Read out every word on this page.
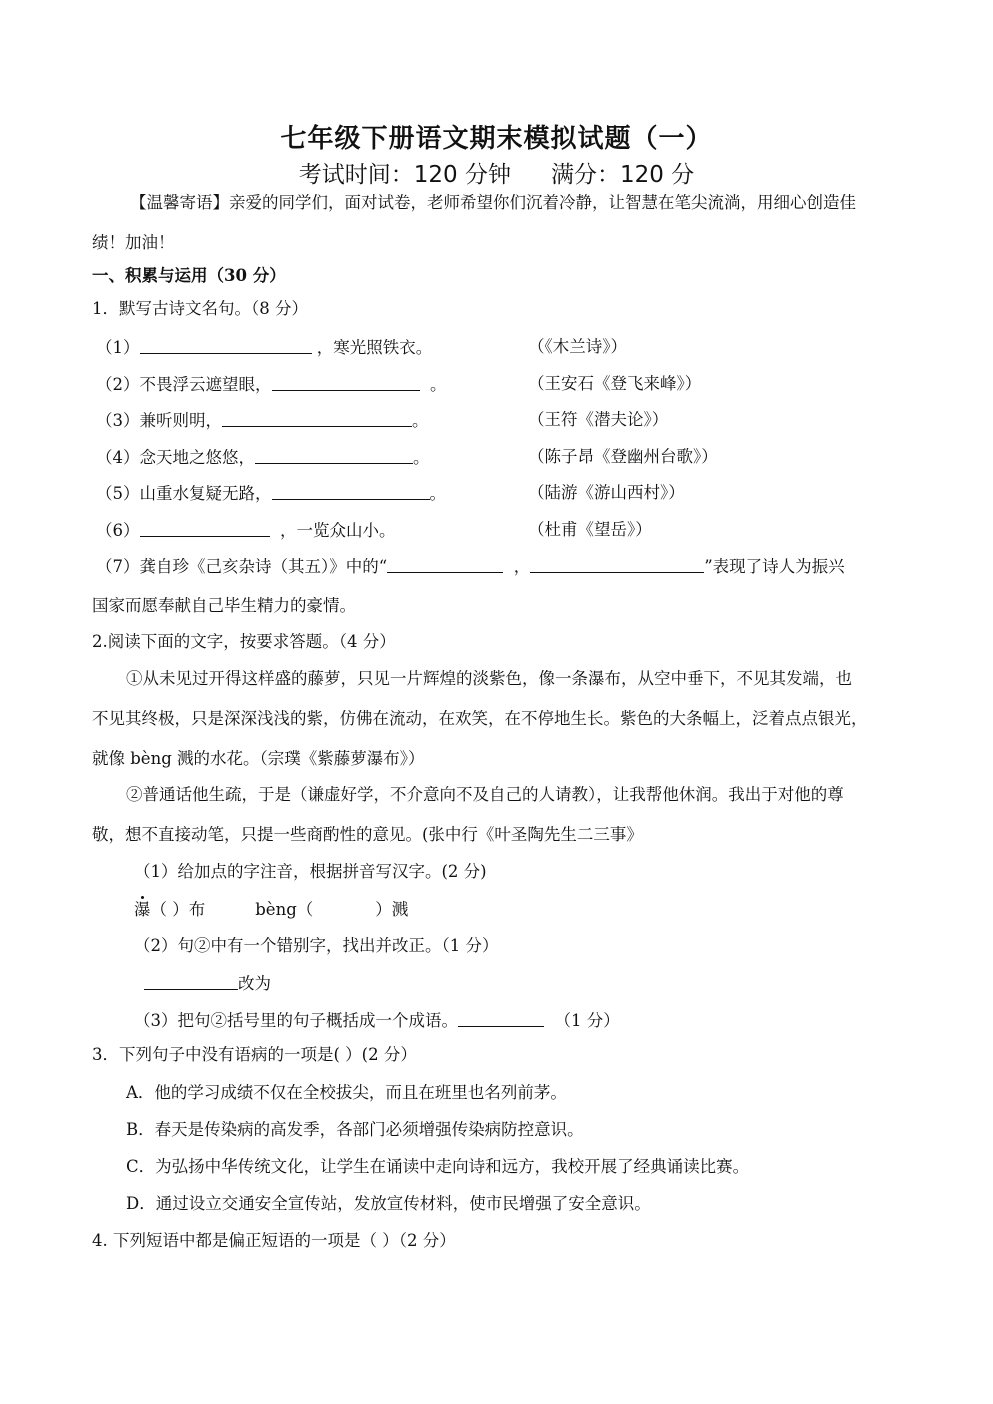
七年级下册语文期末模拟试题（一）
考试时间：120 分钟 满分：120 分
【温馨寄语】亲爱的同学们，面对试卷，老师希望你们沉着冷静，让智慧在笔尖流淌，用细心创造佳
绩！加油！
一、积累与运用（30 分）
1．默写古诗文名句。（8 分）
（1）	，寒光照铁衣。	（《木兰诗》）
（2）不畏浮云遮望眼，	。	（王安石《登飞来峰》）
（3）兼听则明，	。	（王符《潜夫论》）
（4）念天地之悠悠，	。	（陈子昂《登幽州台歌》）
（5）山重水复疑无路，	。	（陆游《游山西村》）
（6）	，一览众山小。	（杜甫《望岳》）
（7）龚自珍《己亥杂诗（其五）》中的“	，	”表现了诗人为振兴
国家而愿奉献自己毕生精力的豪情。
2.阅读下面的文字，按要求答题。（4 分）
①从未见过开得这样盛的藤萝，只见一片辉煌的淡紫色，像一条瀑布，从空中垂下，不见其发端，也
不见其终极，只是深深浅浅的紫，仿佛在流动，在欢笑，在不停地生长。紫色的大条幅上，泛着点点银光，
就像 bèng 溅的水花。（宗璞《紫藤萝瀑布》）
②普通话他生疏，于是（谦虚好学，不介意向不及自己的人请教），让我帮他休润。我出于对他的尊
敬，想不直接动笔，只提一些商酌性的意见。(张中行《叶圣陶先生二三事》
（1）给加点的字注音，根据拼音写汉字。(2 分)
瀑（ ）布	bèng（	）溅
（2）句②中有一个错别字，找出并改正。（1 分）
改为
（3）把句②括号里的句子概括成一个成语。	（1 分）
3．下列句子中没有语病的一项是( ）(2 分）
A．他的学习成绩不仅在全校拔尖，而且在班里也名列前茅。
B．春天是传染病的高发季，各部门必须增强传染病防控意识。
C．为弘扬中华传统文化，让学生在诵读中走向诗和远方，我校开展了经典诵读比赛。
D．通过设立交通安全宣传站，发放宣传材料，使市民增强了安全意识。
4. 下列短语中都是偏正短语的一项是（ ）（2 分）
